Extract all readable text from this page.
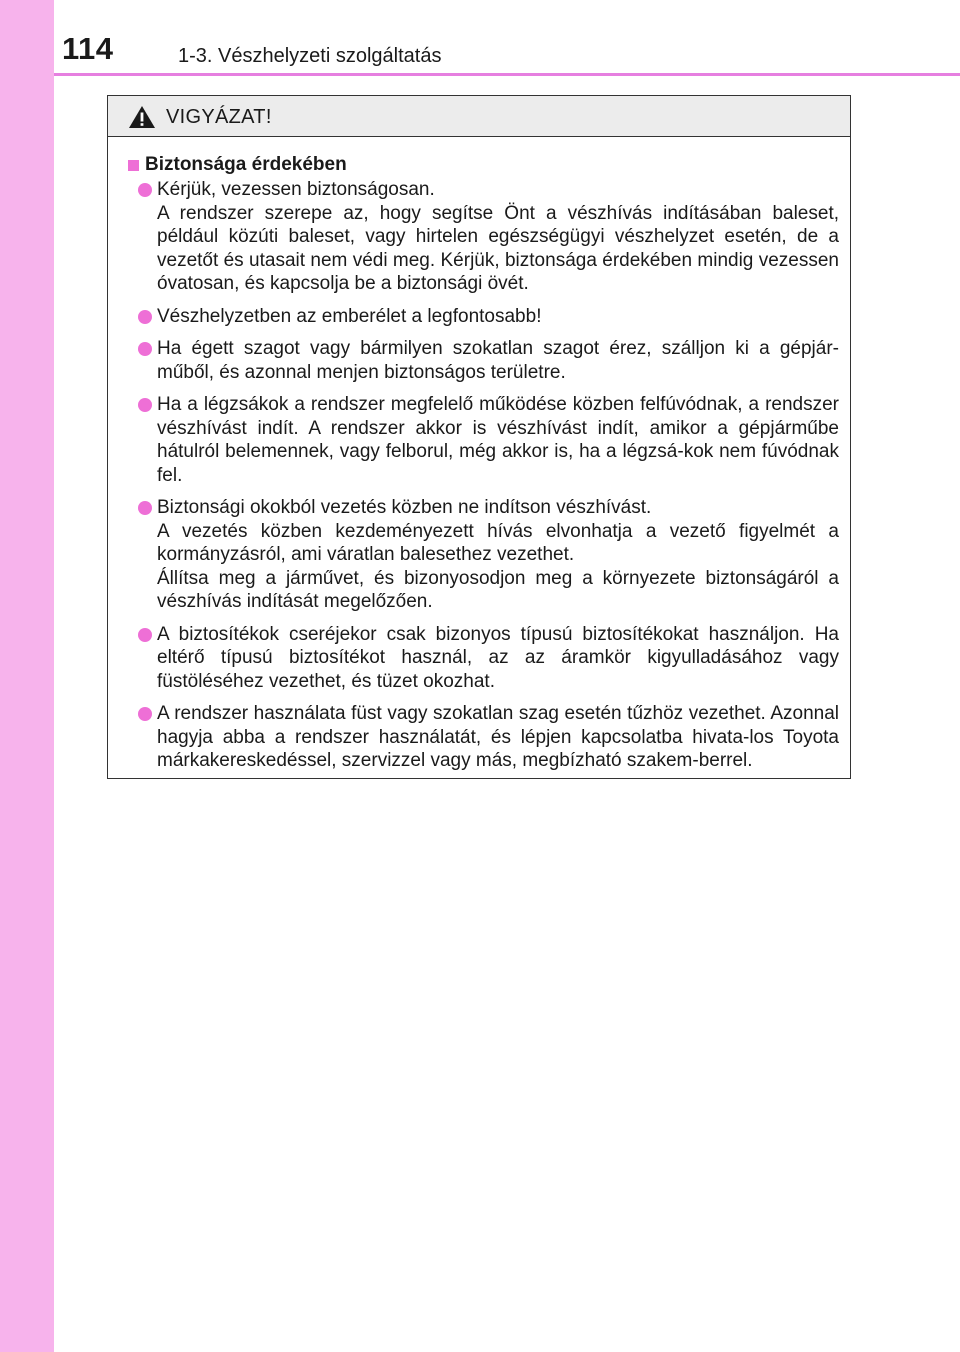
114	1-3. Vészhelyzeti szolgáltatás
VIGYÁZAT!
Biztonsága érdekében

Kérjük, vezessen biztonságosan.

A rendszer szerepe az, hogy segítse Önt a vészhívás indításában baleset, például közúti baleset, vagy hirtelen egészségügyi vészhelyzet esetén, de a vezetőt és utasait nem védi meg. Kérjük, biztonsága érdekében mindig vezessen óvatosan, és kapcsolja be a biztonsági övét.

Vészhelyzetben az emberélet a legfontosabb!

Ha égett szagot vagy bármilyen szokatlan szagot érez, szálljon ki a gépjár-műből, és azonnal menjen biztonságos területre.

Ha a légzsákok a rendszer megfelelő működése közben felfúvódnak, a rendszer vészhívást indít. A rendszer akkor is vészhívást indít, amikor a gépjárműbe hátulról belemennek, vagy felborul, még akkor is, ha a légzsá-kok nem fúvódnak fel.

Biztonsági okokból vezetés közben ne indítson vészhívást.

A vezetés közben kezdeményezett hívás elvonhatja a vezető figyelmét a kormányzásról, ami váratlan balesethez vezethet.

Állítsa meg a járművet, és bizonyosodjon meg a környezete biztonságáról a vészhívás indítását megelőzően.

A biztosítékok cseréjekor csak bizonyos típusú biztosítékokat használjon. Ha eltérő típusú biztosítékot használ, az az áramkör kigyulladásához vagy füstöléséhez vezethet, és tüzet okozhat.

A rendszer használata füst vagy szokatlan szag esetén tűzhöz vezethet. Azonnal hagyja abba a rendszer használatát, és lépjen kapcsolatba hivata-los Toyota márkakereskedéssel, szervizzel vagy más, megbízható szakem-berrel.
